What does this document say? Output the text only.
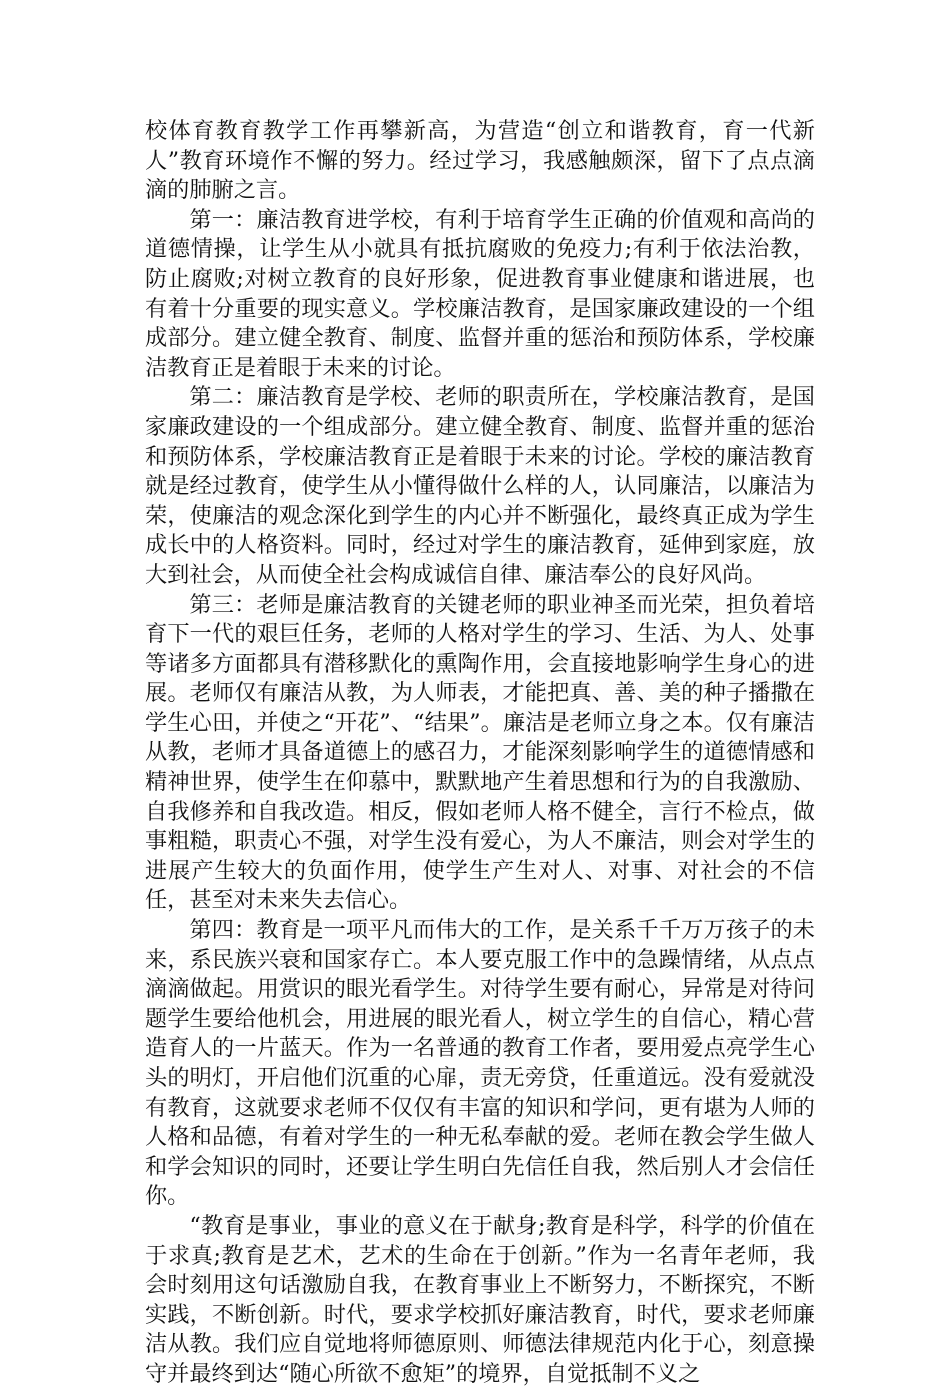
校体育教育教学工作再攀新高，为营造“创立和谐教育，育一代新人”教育环境作不懈的努力。经过学习，我感触颇深，留下了点点滴滴的肺腑之言。

第一：廉洁教育进学校，有利于培育学生正确的价值观和高尚的道德情操，让学生从小就具有抵抗腐败的免疫力;有利于依法治教，防止腐败;对树立教育的良好形象，促进教育事业健康和谐进展，也有着十分重要的现实意义。学校廉洁教育，是国家廉政建设的一个组成部分。建立健全教育、制度、监督并重的惩治和预防体系，学校廉洁教育正是着眼于未来的讨论。

第二：廉洁教育是学校、老师的职责所在，学校廉洁教育，是国家廉政建设的一个组成部分。建立健全教育、制度、监督并重的惩治和预防体系，学校廉洁教育正是着眼于未来的讨论。学校的廉洁教育就是经过教育，使学生从小懂得做什么样的人，认同廉洁，以廉洁为荣，使廉洁的观念深化到学生的内心并不断强化，最终真正成为学生成长中的人格资料。同时，经过对学生的廉洁教育，延伸到家庭，放大到社会，从而使全社会构成诚信自律、廉洁奉公的良好风尚。

第三：老师是廉洁教育的关键老师的职业神圣而光荣，担负着培育下一代的艰巨任务，老师的人格对学生的学习、生活、为人、处事等诸多方面都具有潜移默化的熏陶作用，会直接地影响学生身心的进展。老师仅有廉洁从教，为人师表，才能把真、善、美的种子播撒在学生心田，并使之“开花”、“结果”。廉洁是老师立身之本。仅有廉洁从教，老师才具备道德上的感召力，才能深刻影响学生的道德情感和精神世界，使学生在仰慕中，默默地产生着思想和行为的自我激励、自我修养和自我改造。相反，假如老师人格不健全，言行不检点，做事粗糙，职责心不强，对学生没有爱心，为人不廉洁，则会对学生的进展产生较大的负面作用，使学生产生对人、对事、对社会的不信任，甚至对未来失去信心。

第四：教育是一项平凡而伟大的工作，是关系千千万万孩子的未来，系民族兴衰和国家存亡。本人要克服工作中的急躁情绪，从点点滴滴做起。用赏识的眼光看学生。对待学生要有耐心，异常是对待问题学生要给他机会，用进展的眼光看人，树立学生的自信心，精心营造育人的一片蓝天。作为一名普通的教育工作者，要用爱点亮学生心头的明灯，开启他们沉重的心扉，责无旁贷，任重道远。没有爱就没有教育，这就要求老师不仅仅有丰富的知识和学问，更有堪为人师的人格和品德，有着对学生的一种无私奉献的爱。老师在教会学生做人和学会知识的同时，还要让学生明白先信任自我，然后别人才会信任你。

“教育是事业，事业的意义在于献身;教育是科学，科学的价值在于求真;教育是艺术，艺术的生命在于创新。”作为一名青年老师，我会时刻用这句话激励自我，在教育事业上不断努力，不断探究，不断实践，不断创新。时代，要求学校抓好廉洁教育，时代，要求老师廉洁从教。我们应自觉地将师德原则、师德法律规范内化于心，刻意操守并最终到达“随心所欲不愈矩”的境界，自觉抵制不义之
